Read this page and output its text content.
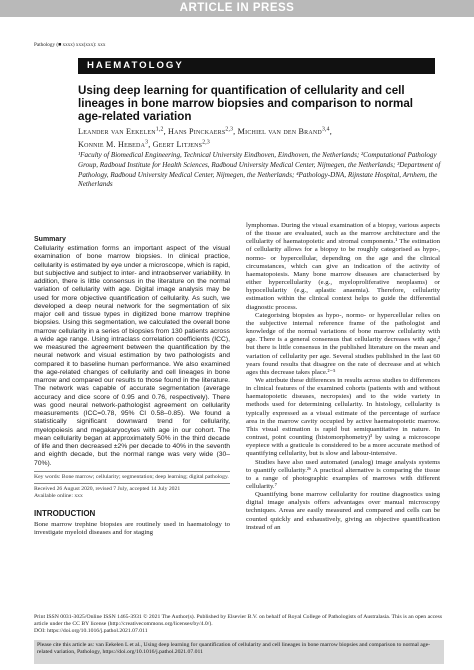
ARTICLE IN PRESS
Pathology (■ xxxx) xxx(xxx): xxx
HAEMATOLOGY
Using deep learning for quantification of cellularity and cell lineages in bone marrow biopsies and comparison to normal age-related variation
Leander van Eekelen$^{1,2}$, Hans Pinckaers$^{2,3}$, Michiel van den Brand$^{3,4}$,
Konnie M. Hebeda$^3$, Geert Litjens$^{2,3}$
¹Faculty of Biomedical Engineering, Technical University Eindhoven, Eindhoven, the Netherlands; ²Computational Pathology Group, Radboud Institute for Health Sciences, Radboud University Medical Center, Nijmegen, the Netherlands; ³Department of Pathology, Radboud University Medical Center, Nijmegen, the Netherlands; ⁴Pathology-DNA, Rijnstate Hospital, Arnhem, the Netherlands
Summary

Cellularity estimation forms an important aspect of the visual examination of bone marrow biopsies. In clinical practice, cellularity is estimated by eye under a microscope, which is rapid, but subjective and subject to inter- and intraobserver variability. In addition, there is little consensus in the literature on the normal variation of cellularity with age. Digital image analysis may be used for more objective quantification of cellularity. As such, we developed a deep neural network for the segmentation of six major cell and tissue types in digitized bone marrow trephine biopsies. Using this segmentation, we calculated the overall bone marrow cellularity in a series of biopsies from 130 patients across a wide age range. Using intraclass correlation coefficients (ICC), we measured the agreement between the quantification by the neural network and visual estimation by two pathologists and compared it to baseline human performance. We also examined the age-related changes of cellularity and cell lineages in bone marrow and compared our results to those found in the literature. The network was capable of accurate segmentation (average accuracy and dice score of 0.95 and 0.76, respectively). There was good neural network-pathologist agreement on cellularity measurements (ICC=0.78, 95% CI 0.58–0.85). We found a statistically significant downward trend for cellularity, myelopoiesis and megakaryocytes with age in our cohort. The mean cellularity began at approximately 50% in the third decade of life and then decreased ±2% per decade to 40% in the seventh and eighth decade, but the normal range was very wide (30–70%).

Key words: Bone marrow; cellularity; segmentation; deep learning; digital pathology.

Received 26 August 2020, revised 7 July, accepted 14 July 2021

Available online: xxx

INTRODUCTION

Bone marrow trephine biopsies are routinely used in haematology to investigate myeloid diseases and for staging

lymphomas. During the visual examination of a biopsy, various aspects of the tissue are evaluated, such as the marrow architecture and the cellularity of haematopoietic and stromal components.¹ The estimation of cellularity allows for a biopsy to be roughly categorised as hypo-, normo- or hypercellular, depending on the age and the clinical circumstances, which can give an indication of the activity of haematopoiesis. Many bone marrow diseases are characterised by either hypercellularity (e.g., myeloproliferative neoplasms) or hypocellularity (e.g., aplastic anaemia). Therefore, cellularity estimation within the clinical context helps to guide the differential diagnostic process.

Categorising biopsies as hypo-, normo- or hypercellular relies on the subjective internal reference frame of the pathologist and knowledge of the normal variations of bone marrow cellularity with age. There is a general consensus that cellularity decreases with age,² but there is little consensus in the published literature on the mean and variation of cellularity per age. Several studies published in the last 60 years found results that disagree on the rate of decrease and at which ages this decrease takes place.²⁻⁵

We attribute these differences in results across studies to differences in clinical features of the examined cohorts (patients with and without haematopoietic diseases, necropsies) and to the wide variety in methods used for determining cellularity. In histology, cellularity is typically expressed as a visual estimate of the percentage of surface area in the marrow cavity occupied by active haematopoietic marrow. This visual estimation is rapid but semiquantitative in nature. In contrast, point counting (histomorphometry)³ by using a microscope eyepiece with a graticule is considered to be a more accurate method of quantifying cellularity, but is slow and labour-intensive.

Studies have also used automated (analog) image analysis systems to quantify cellularity.²⁶ A practical alternative is comparing the tissue to a range of photographic examples of marrows with different cellularity.⁷

Quantifying bone marrow cellularity for routine diagnostics using digital image analysis offers advantages over manual microscopy techniques. Areas are easily measured and compared and cells can be counted quickly and exhaustively, giving an objective quantification instead of an

Print ISSN 0031-3025/Online ISSN 1465-3931 © 2021 The Author(s). Published by Elsevier B.V. on behalf of Royal College of Pathologists of Australasia. This is an open access article under the CC BY license (http://creativecommons.org/licenses/by/4.0/).
DOI: https://doi.org/10.1016/j.pathol.2021.07.011
Please cite this article as: van Eekelen L et al., Using deep learning for quantification of cellularity and cell lineages in bone marrow biopsies and comparison to normal age-related variation, Pathology, https://doi.org/10.1016/j.pathol.2021.07.011
